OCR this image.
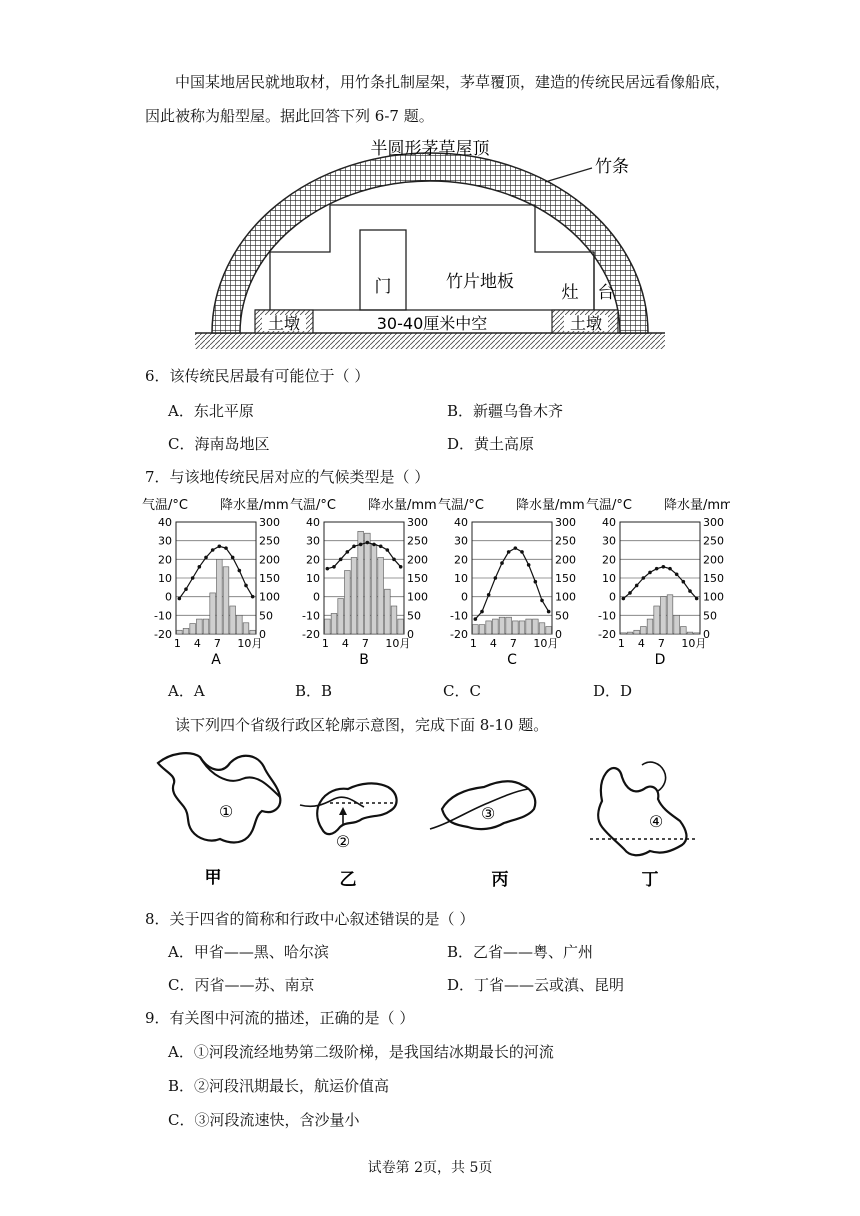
中国某地居民就地取材，用竹条扎制屋架，茅草覆顶，建造的传统民居远看像船底，
因此被称为船型屋。据此回答下列 6-7 题。
半圆形茅草屋顶
竹条
门	竹片地板
灶 台
土墩	土墩
30-40厘米中空
6．该传统民居最有可能位于（ ）
A．东北平原	B．新疆乌鲁木齐
C．海南岛地区	D．黄土高原
7．与该地传统民居对应的气候类型是（ ）
气温/°C 降水量/mm
40	300
30	250
20	200
10	150
0	100
-10	50
-20	0
1 4 7 10月
A
气温/°C 降水量/mm
40	300
30	250
20	200
10	150
0	100
-10	50
-20	0
1 4 7 10月
B
气温/°C 降水量/mm
40	300
30	250
20	200
10	150
0	100
-10	50
-20	0
1 4 7 10月
C
气温/°C 降水量/mm
40	300
30	250
20	200
10	150
0	100
-10	50
-20	0
1 4 7 10月
D
A．A	B．B	C．C	D．D
读下列四个省级行政区轮廓示意图，完成下面 8-10 题。
①
甲
②
乙
③
丙
④
丁
8．关于四省的简称和行政中心叙述错误的是（ ）
A．甲省——黑、哈尔滨	B．乙省——粤、广州
C．丙省——苏、南京	D．丁省——云或滇、昆明
9．有关图中河流的描述，正确的是（ ）
A．①河段流经地势第二级阶梯，是我国结冰期最长的河流
B．②河段汛期最长，航运价值高
C．③河段流速快，含沙量小
试卷第 2页，共 5页
